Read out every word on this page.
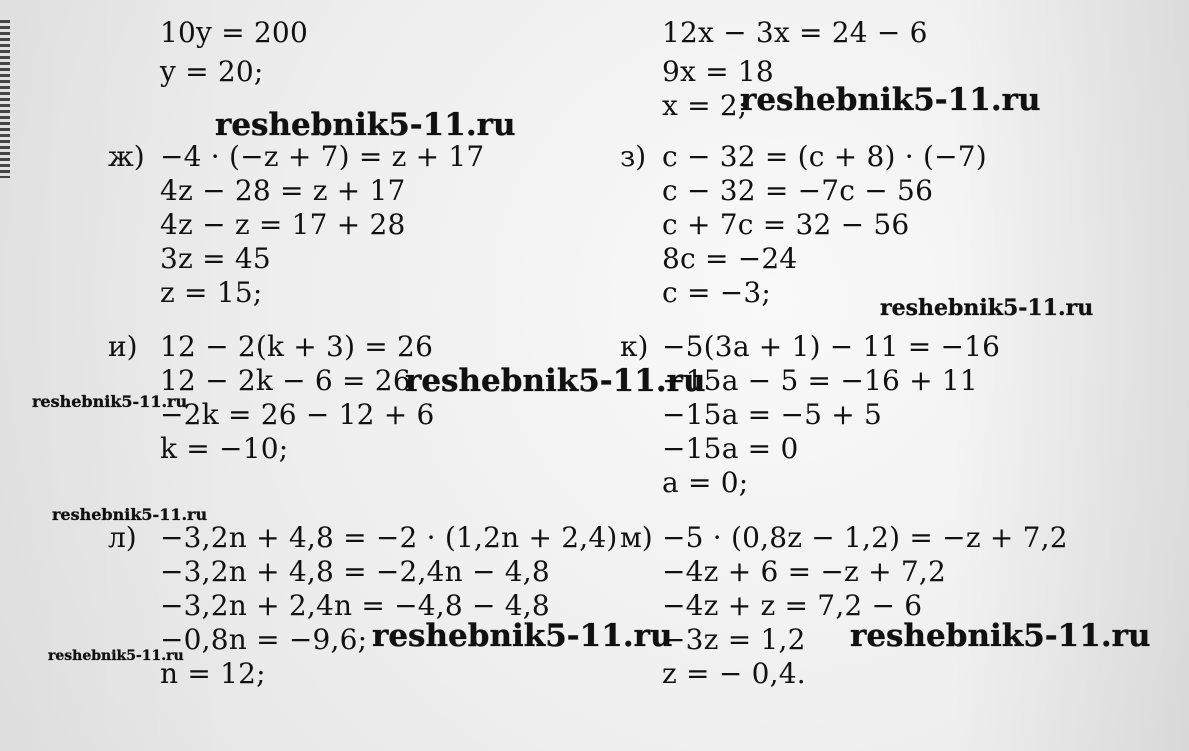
10y = 200
y = 20;
ж) −4 · (−z + 7) = z + 17
4z − 28 = z + 17
4z − z = 17 + 28
3z = 45
z = 15;
и) 12 − 2(k + 3) = 26
12 − 2k − 6 = 26
−2k = 26 − 12 + 6
k = −10;
л) −3,2n + 4,8 = −2 · (1,2n + 2,4)
−3,2n + 4,8 = −2,4n − 4,8
−3,2n + 2,4n = −4,8 − 4,8
−0,8n = −9,6;
n = 12;
12x − 3x = 24 − 6
9x = 18
x = 2;
з) c − 32 = (c + 8) · (−7)
c − 32 = −7c − 56
c + 7c = 32 − 56
8c = −24
c = −3;
к) −5(3a + 1) − 11 = −16
−15a − 5 = −16 + 11
−15a = −5 + 5
−15a = 0
a = 0;
м) −5 · (0,8z − 1,2) = −z + 7,2
−4z + 6 = −z + 7,2
−4z + z = 7,2 − 6
−3z = 1,2
z = − 0,4.
reshebnik5-11.ru
reshebnik5-11.ru
reshebnik5-11.ru
reshebnik5-11.ru
reshebnik5-11.ru
reshebnik5-11.ru
reshebnik5-11.ru	reshebnik5-11.ru
reshebnik5-11.ru
